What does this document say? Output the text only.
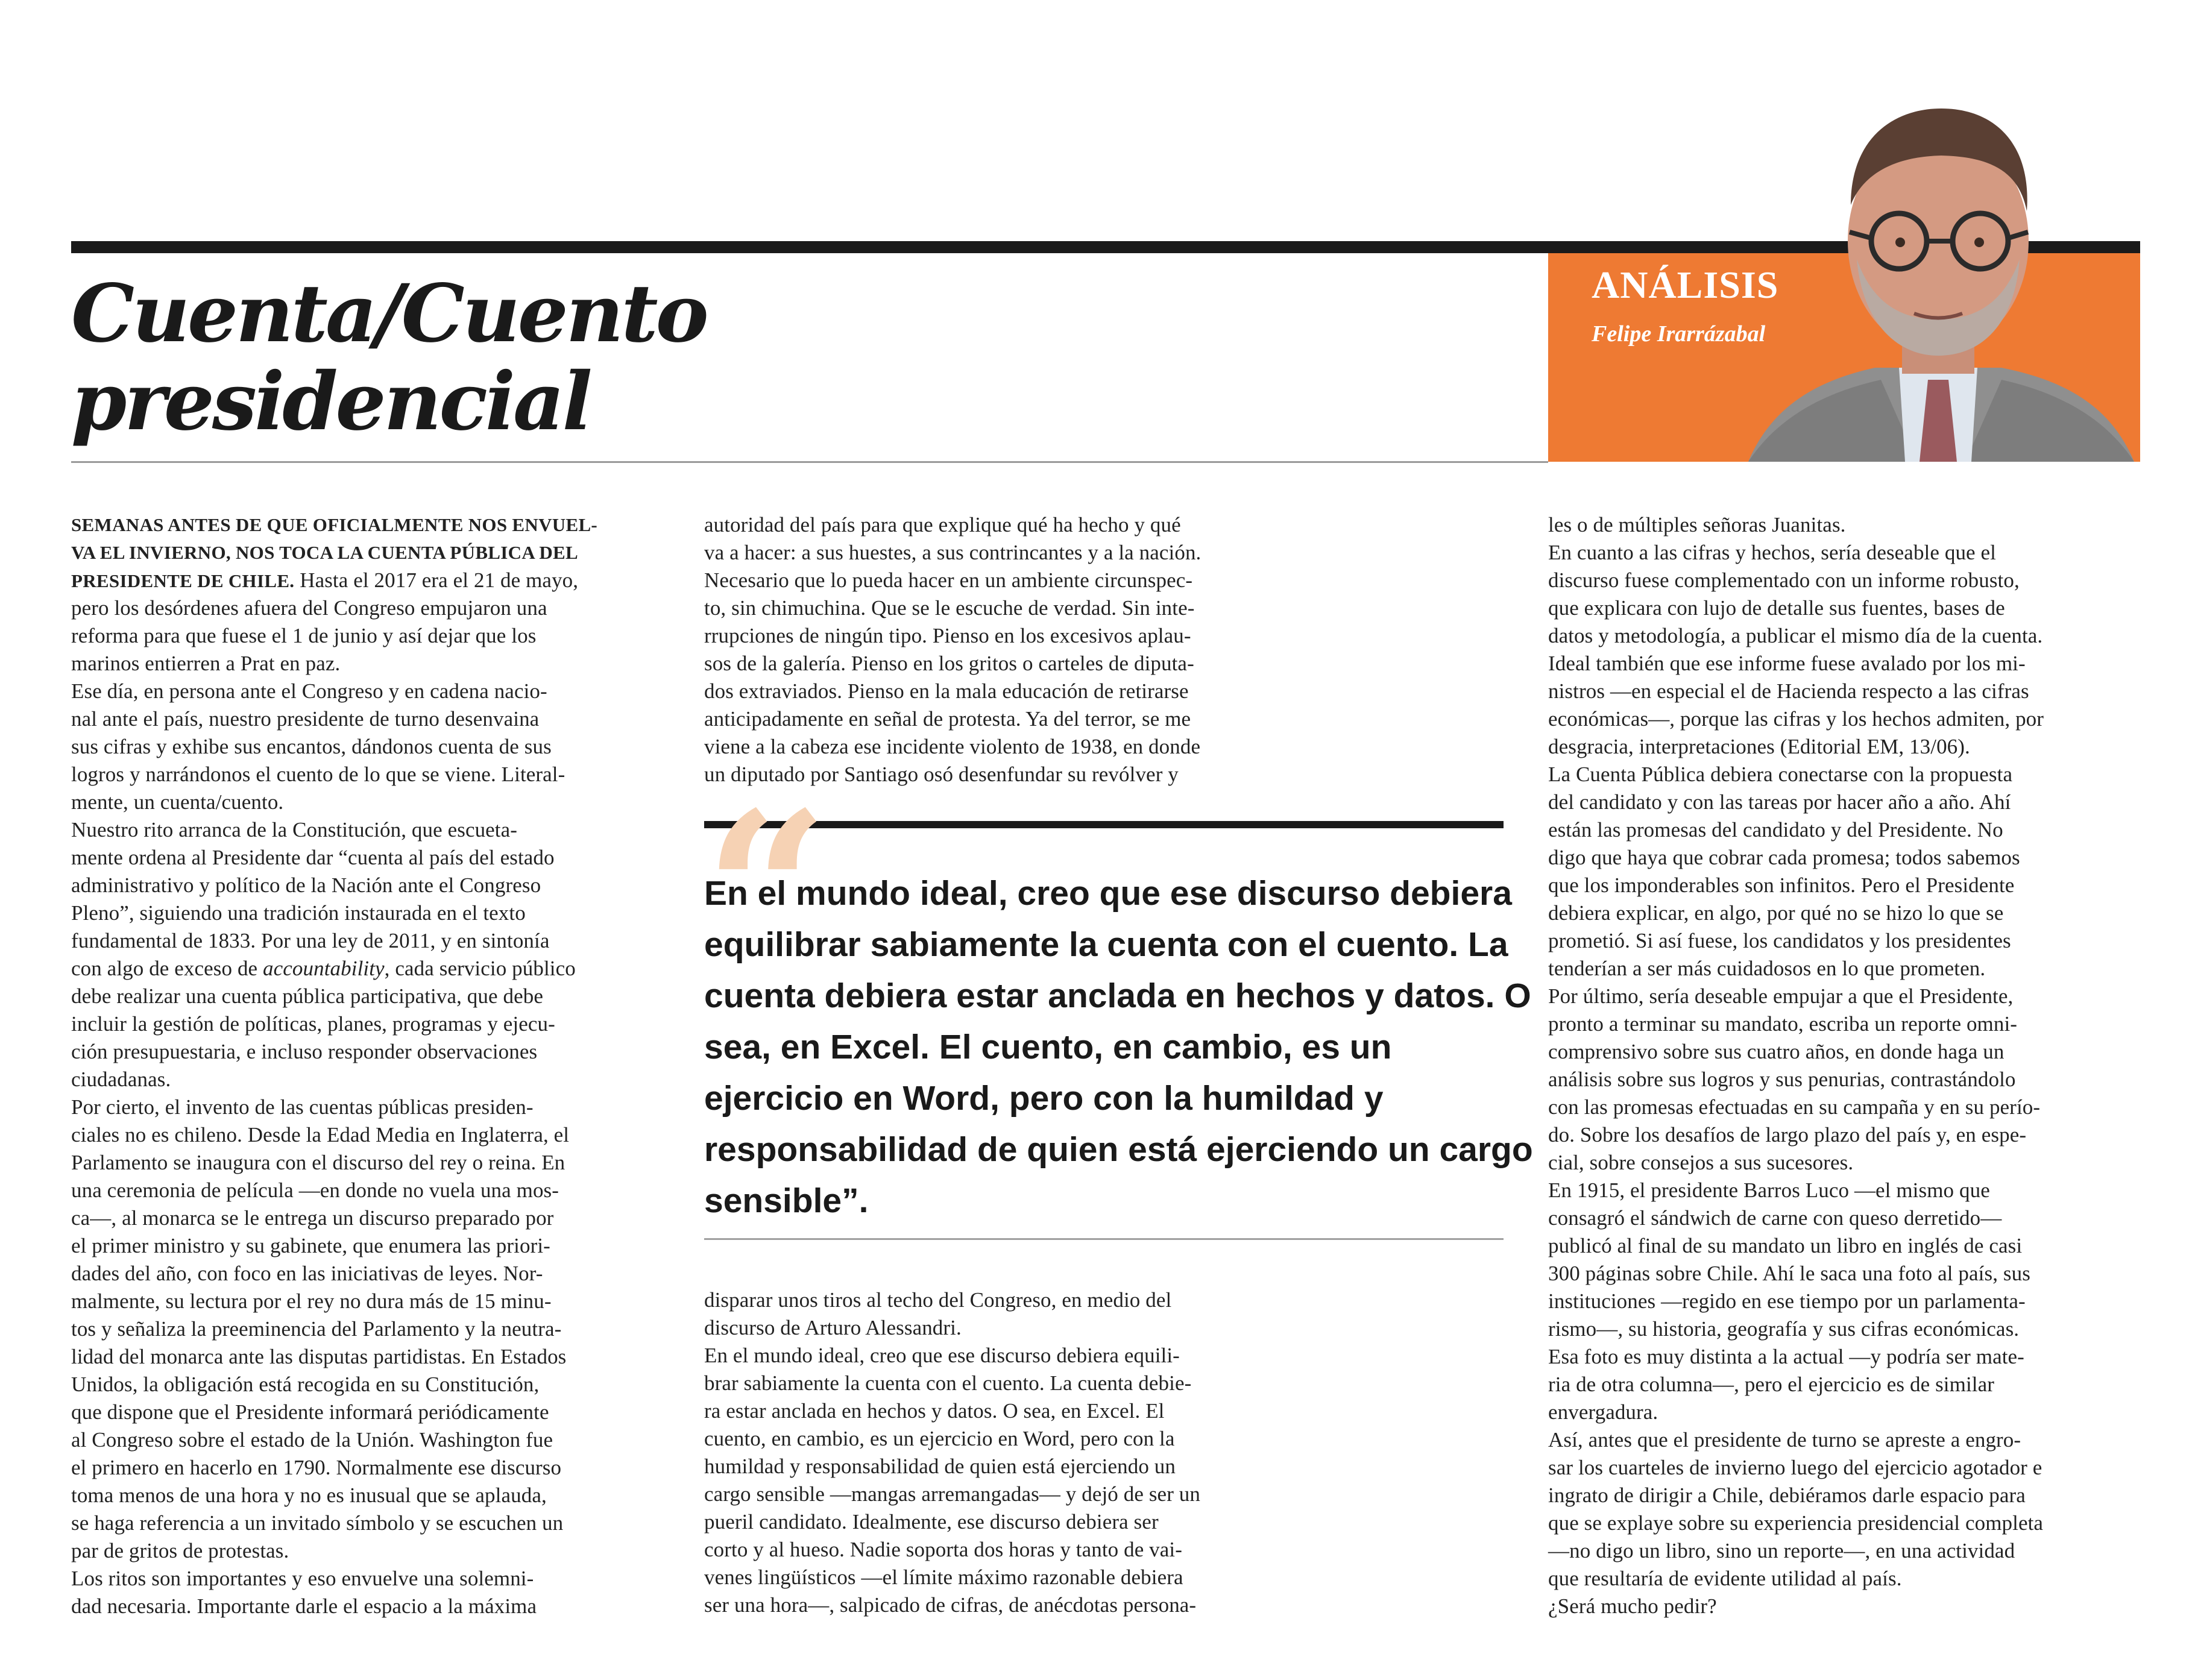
Cuenta/Cuento
presidencial
ANÁLISIS
Felipe Irarrázabal
SEMANAS ANTES DE QUE OFICIALMENTE NOS ENVUEL-
VA EL INVIERNO, NOS TOCA LA CUENTA PÚBLICA DEL
PRESIDENTE DE CHILE. Hasta el 2017 era el 21 de mayo,
pero los desórdenes afuera del Congreso empujaron una
reforma para que fuese el 1 de junio y así dejar que los
marinos entierren a Prat en paz.
Ese día, en persona ante el Congreso y en cadena nacio-
nal ante el país, nuestro presidente de turno desenvaina
sus cifras y exhibe sus encantos, dándonos cuenta de sus
logros y narrándonos el cuento de lo que se viene. Literal-
mente, un cuenta/cuento.
Nuestro rito arranca de la Constitución, que escueta-
mente ordena al Presidente dar “cuenta al país del estado
administrativo y político de la Nación ante el Congreso
Pleno”, siguiendo una tradición instaurada en el texto
fundamental de 1833. Por una ley de 2011, y en sintonía
con algo de exceso de accountability, cada servicio público
debe realizar una cuenta pública participativa, que debe
incluir la gestión de políticas, planes, programas y ejecu-
ción presupuestaria, e incluso responder observaciones
ciudadanas.
Por cierto, el invento de las cuentas públicas presiden-
ciales no es chileno. Desde la Edad Media en Inglaterra, el
Parlamento se inaugura con el discurso del rey o reina. En
una ceremonia de película —en donde no vuela una mos-
ca—, al monarca se le entrega un discurso preparado por
el primer ministro y su gabinete, que enumera las priori-
dades del año, con foco en las iniciativas de leyes. Nor-
malmente, su lectura por el rey no dura más de 15 minu-
tos y señaliza la preeminencia del Parlamento y la neutra-
lidad del monarca ante las disputas partidistas. En Estados
Unidos, la obligación está recogida en su Constitución,
que dispone que el Presidente informará periódicamente
al Congreso sobre el estado de la Unión. Washington fue
el primero en hacerlo en 1790. Normalmente ese discurso
toma menos de una hora y no es inusual que se aplauda,
se haga referencia a un invitado símbolo y se escuchen un
par de gritos de protestas.
Los ritos son importantes y eso envuelve una solemni-
dad necesaria. Importante darle el espacio a la máxima
autoridad del país para que explique qué ha hecho y qué
va a hacer: a sus huestes, a sus contrincantes y a la nación.
Necesario que lo pueda hacer en un ambiente circunspec-
to, sin chimuchina. Que se le escuche de verdad. Sin inte-
rrupciones de ningún tipo. Pienso en los excesivos aplau-
sos de la galería. Pienso en los gritos o carteles de diputa-
dos extraviados. Pienso en la mala educación de retirarse
anticipadamente en señal de protesta. Ya del terror, se me
viene a la cabeza ese incidente violento de 1938, en donde
un diputado por Santiago osó desenfundar su revólver y
“
En el mundo ideal, creo que ese discurso debiera
equilibrar sabiamente la cuenta con el cuento. La
cuenta debiera estar anclada en hechos y datos. O
sea, en Excel. El cuento, en cambio, es un
ejercicio en Word, pero con la humildad y
responsabilidad de quien está ejerciendo un cargo
sensible”.
disparar unos tiros al techo del Congreso, en medio del
discurso de Arturo Alessandri.
En el mundo ideal, creo que ese discurso debiera equili-
brar sabiamente la cuenta con el cuento. La cuenta debie-
ra estar anclada en hechos y datos. O sea, en Excel. El
cuento, en cambio, es un ejercicio en Word, pero con la
humildad y responsabilidad de quien está ejerciendo un
cargo sensible —mangas arremangadas— y dejó de ser un
pueril candidato. Idealmente, ese discurso debiera ser
corto y al hueso. Nadie soporta dos horas y tanto de vai-
venes lingüísticos —el límite máximo razonable debiera
ser una hora—, salpicado de cifras, de anécdotas persona-
les o de múltiples señoras Juanitas.
En cuanto a las cifras y hechos, sería deseable que el
discurso fuese complementado con un informe robusto,
que explicara con lujo de detalle sus fuentes, bases de
datos y metodología, a publicar el mismo día de la cuenta.
Ideal también que ese informe fuese avalado por los mi-
nistros —en especial el de Hacienda respecto a las cifras
económicas—, porque las cifras y los hechos admiten, por
desgracia, interpretaciones (Editorial EM, 13/06).
La Cuenta Pública debiera conectarse con la propuesta
del candidato y con las tareas por hacer año a año. Ahí
están las promesas del candidato y del Presidente. No
digo que haya que cobrar cada promesa; todos sabemos
que los imponderables son infinitos. Pero el Presidente
debiera explicar, en algo, por qué no se hizo lo que se
prometió. Si así fuese, los candidatos y los presidentes
tenderían a ser más cuidadosos en lo que prometen.
Por último, sería deseable empujar a que el Presidente,
pronto a terminar su mandato, escriba un reporte omni-
comprensivo sobre sus cuatro años, en donde haga un
análisis sobre sus logros y sus penurias, contrastándolo
con las promesas efectuadas en su campaña y en su perío-
do. Sobre los desafíos de largo plazo del país y, en espe-
cial, sobre consejos a sus sucesores.
En 1915, el presidente Barros Luco —el mismo que
consagró el sándwich de carne con queso derretido—
publicó al final de su mandato un libro en inglés de casi
300 páginas sobre Chile. Ahí le saca una foto al país, sus
instituciones —regido en ese tiempo por un parlamenta-
rismo—, su historia, geografía y sus cifras económicas.
Esa foto es muy distinta a la actual —y podría ser mate-
ria de otra columna—, pero el ejercicio es de similar
envergadura.
Así, antes que el presidente de turno se apreste a engro-
sar los cuarteles de invierno luego del ejercicio agotador e
ingrato de dirigir a Chile, debiéramos darle espacio para
que se explaye sobre su experiencia presidencial completa
—no digo un libro, sino un reporte—, en una actividad
que resultaría de evidente utilidad al país.
¿Será mucho pedir?
